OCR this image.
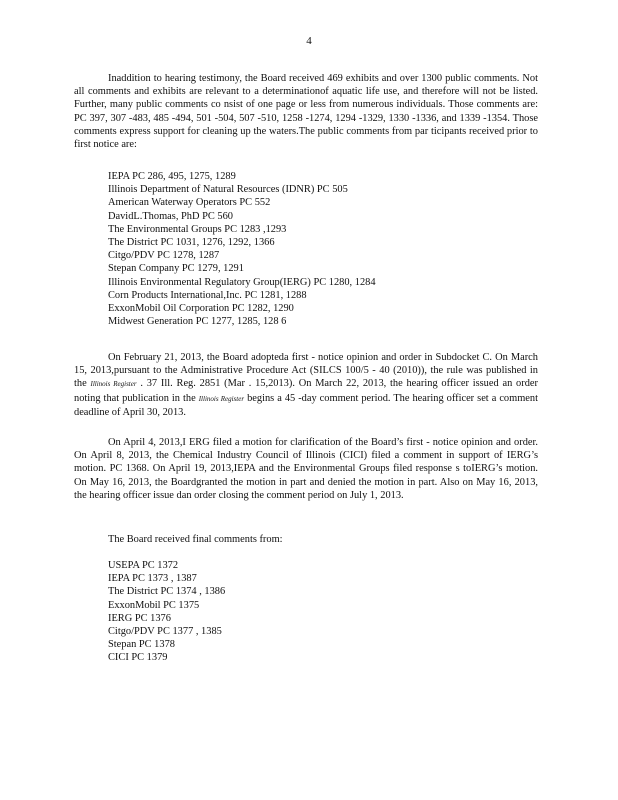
4

Inaddition to hearing testimony, the Board received 469 exhibits and over 1300 public comments. Not all comments and exhibits are relevant to a determinationof aquatic life use, and therefore will not be listed. Further, many public comments co nsist of one page or less from numerous individuals. Those comments are: PC 397, 307 -483, 485 -494, 501 -504, 507 -510, 1258 -1274, 1294 -1329, 1330 -1336, and 1339 -1354. Those comments express support for cleaning up the waters.The public comments from par ticipants received prior to first notice are:

IEPA PC 286, 495, 1275, 1289
Illinois Department of Natural Resources (IDNR) PC 505
American Waterway Operators PC 552
DavidL.Thomas, PhD PC 560
The Environmental Groups PC 1283 ,1293
The District PC 1031, 1276, 1292, 1366
Citgo/PDV PC 1278, 1287
Stepan Company PC 1279, 1291
Illinois Environmental Regulatory Group(IERG) PC 1280, 1284
Corn Products International,Inc. PC 1281, 1288
ExxonMobil Oil Corporation PC 1282, 1290
Midwest Generation PC 1277, 1285, 128 6

On February 21, 2013, the Board adopteda first - notice opinion and order in Subdocket C. On March 15, 2013,pursuant to the Administrative Procedure Act (SILCS 100/5 - 40 (2010)), the rule was published in the Illinois Register . 37 Ill. Reg. 2851 (Mar . 15,2013). On March 22, 2013, the hearing officer issued an order noting that publication in the Illinois Register begins a 45 -day comment period. The hearing officer set a comment deadline of April 30, 2013.

On April 4, 2013,I ERG filed a motion for clarification of the Board’s first - notice opinion and order. On April 8, 2013, the Chemical Industry Council of Illinois (CICI) filed a comment in support of IERG’s motion. PC 1368. On April 19, 2013,IEPA and the Environmental Groups filed response s toIERG’s motion. On May 16, 2013, the Boardgranted the motion in part and denied the motion in part. Also on May 16, 2013, the hearing officer issue dan order closing the comment period on July 1, 2013.

The Board received final comments from:

USEPA PC 1372
IEPA PC 1373 , 1387
The District PC 1374 , 1386
ExxonMobil PC 1375
IERG PC 1376
Citgo/PDV PC 1377 , 1385
Stepan PC 1378
CICI PC 1379
